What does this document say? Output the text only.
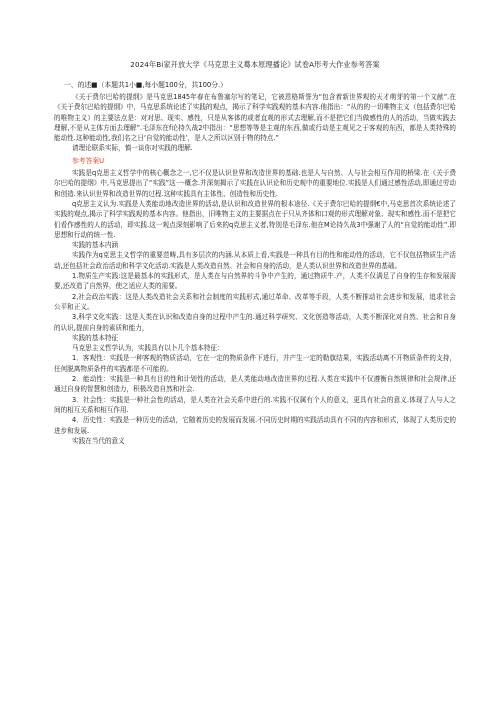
2024年Bi家开放大学《马克思主义蓦本原理播论》试卷A形考大作业参考答案
一、的述■（本题共1小■,每小题100分，共100分.）

《关于费尔巴哈的提纲》是马克思1845年春在布鲁塞尔写的笔记，它被恩格斯誉为“包含着新世界观的天才萌芽的第一个文献”.在《关于费尔巴哈的提纲》中，马克思系统论述了实践的观点，揭示了科学实践观的基本内容.他指出：“从的的一切唯物主义（包括费尔巴哈的唯物主义）的主要法点是：对对思、现实、感性，只是从客体的或者直观的形式去理解,而不是把它们当做感性的人的活动，当做实践去理解,不是从主体方面去理解”.毛泽东在f论持久战2中指出：“思想等等是主观的东西,做或行动是主观见之于客观的东西，都是人类特殊的能动性.这种能动性,我们名之日‘自觉的能动性’，是人之所以区别于物的特点.”

请理论联系实际，慎一谈你对实践的理解.

参考答案U

实践是q克思主义哲学中的核心概念之一,它不仅是认识世界和改造世界的基础.也是人与自然、人与社会相互作用的桥梁.在《关于费尔巴哈的提纲》中,马克思提出了“实践”这一-概念.并深刻揭示了实践在认识论和历史观中的重要地位.实践是人们通过感性活动,即通过劳动和创造.来认识世界和改造世界的过程.这种实践具有主体性、创造性和历史性.

q克思主义认为.实践是人类能动地改造世界的活动,是认识和改造世界的根本途径.《关于费尔巴哈的提纲€中,马克思首次系统论述了实践的观点,揭示了科学实践观的基本内容。他指出，旧唯物主义的主要据点在于只从齐体和口观的形式理解对象、现实和感性.而不是把它们看作感性的人的活动，即实践.这一观点深刻影响了后来的q克思主义者,特别是毛泽东.他在M论持久战3中强谢了人的“自觉的能动性”.即思想和行动的统一性.

实践的基本内涵

实践作为q克思主义哲学的重要范畴,具有多层次的内涵.从本质上看,实践是一种具有目的性和能动性的活动，它不仅包括物质生产活动,还包括社会政治活动和科学文化活动.实践是人类改造自然、社会和自身的活动，是人类认识世界和改造世界的基础。

1.物质生产实践:这是最基本的实践形式，是人类在与自然界的斗争中产生的，通过物质牛.产，人类不仅满足了自身的生存和发展需要,还改造了自然界，使之适应人类的需要。

2,社会政治实践：这是人类改造社会关系和社会制度的实践形式,通过革命、改革等手段，人类不断推动社会进步和发展，追求社会公平和正义。

3,科学文化实践：这是人类在认识和改造自身的过程中产生的.通过科学研究、文化创造等活动，人类不断深化对自然、社会和自身的认识,提前自身的素质和能力，

实践的基本特征

马克思主义哲学认为，实践具有以卜几个基本特征：

1．客观性：实践是一种客观的物质活动，它在一定的物质条件下进行，并产生一定的勒旗结果，实践活动离不开物质条件的支持，任何脱离物质条件的实践都是不可能的。

2．能动性：实践是一种具有目的性和计划性的活动，是人类能动地改造世界的过程.人类在实践中不仅遵衡自然规律和社会规律,还通过自身的智慧和创造力，积极改造自然和社会.

3．社会性：实践是一种社会性的活动，是人类在社会关系中进行的.实践不仅属有个人的意义，更具有社会的意义.体现了人与人之间的相互关系和相互作用.

4．历史性：实践是一种历史的活动，它随着历史的发展而发展.不同历史时期的实践活动具有不同的内容和形式，体现了人类历史的进步和发展.

实践在当代的意义
